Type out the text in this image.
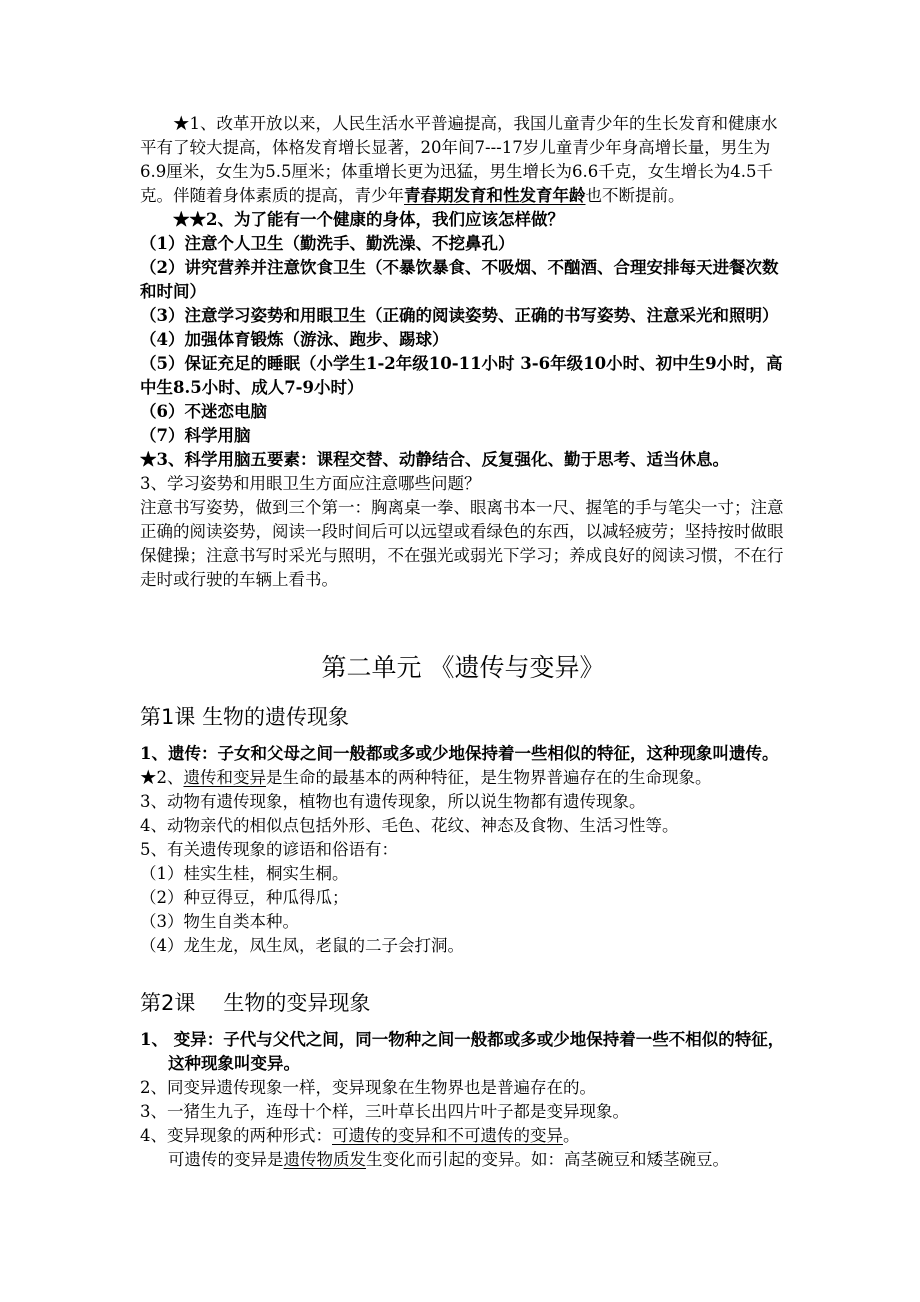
★1、改革开放以来，人民生活水平普遍提高，我国儿童青少年的生长发育和健康水平有了较大提高，体格发育增长显著，20年间7---17岁儿童青少年身高增长量，男生为6.9厘米，女生为5.5厘米；体重增长更为迅猛，男生增长为6.6千克，女生增长为4.5千克。伴随着身体素质的提高，青少年青春期发育和性发育年龄也不断提前。
★★2、为了能有一个健康的身体，我们应该怎样做？
（1）注意个人卫生（勤洗手、勤洗澡、不挖鼻孔）
（2）讲究营养并注意饮食卫生（不暴饮暴食、不吸烟、不酗酒、合理安排每天进餐次数和时间）
（3）注意学习姿势和用眼卫生（正确的阅读姿势、正确的书写姿势、注意采光和照明）
（4）加强体育锻炼（游泳、跑步、踢球）
（5）保证充足的睡眠（小学生1-2年级10-11小时 3-6年级10小时、初中生9小时，高中生8.5小时、成人7-9小时）
（6）不迷恋电脑
（7）科学用脑
★3、科学用脑五要素：课程交替、动静结合、反复强化、勤于思考、适当休息。
3、学习姿势和用眼卫生方面应注意哪些问题？
注意书写姿势，做到三个第一：胸离桌一拳、眼离书本一尺、握笔的手与笔尖一寸；注意正确的阅读姿势，阅读一段时间后可以远望或看绿色的东西，以减轻疲劳；坚持按时做眼保健操；注意书写时采光与照明，不在强光或弱光下学习；养成良好的阅读习惯，不在行走时或行驶的车辆上看书。
第二单元 《遗传与变异》
第1课 生物的遗传现象
1、遗传：子女和父母之间一般都或多或少地保持着一些相似的特征，这种现象叫遗传。
★2、遗传和变异是生命的最基本的两种特征，是生物界普遍存在的生命现象。
3、动物有遗传现象，植物也有遗传现象，所以说生物都有遗传现象。
4、动物亲代的相似点包括外形、毛色、花纹、神态及食物、生活习性等。
5、有关遗传现象的谚语和俗语有：
（1）桂实生桂，桐实生桐。
（2）种豆得豆，种瓜得瓜；
（3）物生自类本种。
（4）龙生龙，凤生凤，老鼠的二子会打洞。
第2课 生物的变异现象
1、 变异：子代与父代之间，同一物种之间一般都或多或少地保持着一些不相似的特征，这种现象叫变异。
2、同变异遗传现象一样，变异现象在生物界也是普遍存在的。
3、一猪生九子，连母十个样，三叶草长出四片叶子都是变异现象。
4、变异现象的两种形式：可遗传的变异和不可遗传的变异。
可遗传的变异是遗传物质发生变化而引起的变异。如：高茎碗豆和矮茎碗豆。
